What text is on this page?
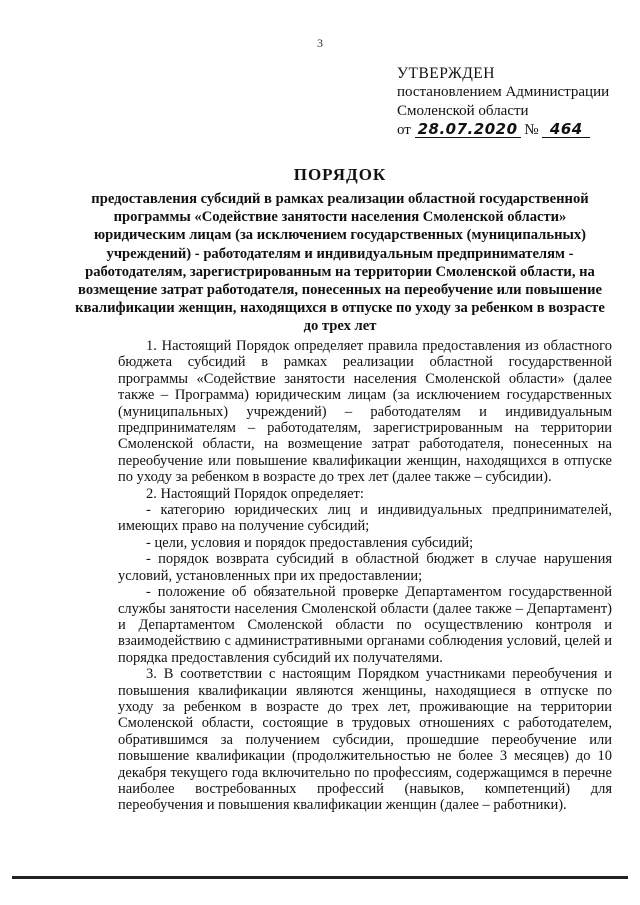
3
УТВЕРЖДЕН
постановлением Администрации
Смоленской области
от 28.07.2020 № 464
ПОРЯДОК
предоставления субсидий в рамках реализации областной государственной программы «Содействие занятости населения Смоленской области» юридическим лицам (за исключением государственных (муниципальных) учреждений) - работодателям и индивидуальным предпринимателям - работодателям, зарегистрированным на территории Смоленской области, на возмещение затрат работодателя, понесенных на переобучение или повышение квалификации женщин, находящихся в отпуске по уходу за ребенком в возрасте до трех лет

1. Настоящий Порядок определяет правила предоставления из областного бюджета субсидий в рамках реализации областной государственной программы «Содействие занятости населения Смоленской области» (далее также – Программа) юридическим лицам (за исключением государственных (муниципальных) учреждений) – работодателям и индивидуальным предпринимателям – работодателям, зарегистрированным на территории Смоленской области, на возмещение затрат работодателя, понесенных на переобучение или повышение квалификации женщин, находящихся в отпуске по уходу за ребенком в возрасте до трех лет (далее также – субсидии).

2. Настоящий Порядок определяет:

- категорию юридических лиц и индивидуальных предпринимателей, имеющих право на получение субсидий;

- цели, условия и порядок предоставления субсидий;

- порядок возврата субсидий в областной бюджет в случае нарушения условий, установленных при их предоставлении;

- положение об обязательной проверке Департаментом государственной службы занятости населения Смоленской области (далее также – Департамент) и Департаментом Смоленской области по осуществлению контроля и взаимодействию с административными органами соблюдения условий, целей и порядка предоставления субсидий их получателями.

3. В соответствии с настоящим Порядком участниками переобучения и повышения квалификации являются женщины, находящиеся в отпуске по уходу за ребенком в возрасте до трех лет, проживающие на территории Смоленской области, состоящие в трудовых отношениях с работодателем, обратившимся за получением субсидии, прошедшие переобучение или повышение квалификации (продолжительностью не более 3 месяцев) до 10 декабря текущего года включительно по профессиям, содержащимся в перечне наиболее востребованных профессий (навыков, компетенций) для переобучения и повышения квалификации женщин (далее – работники).
